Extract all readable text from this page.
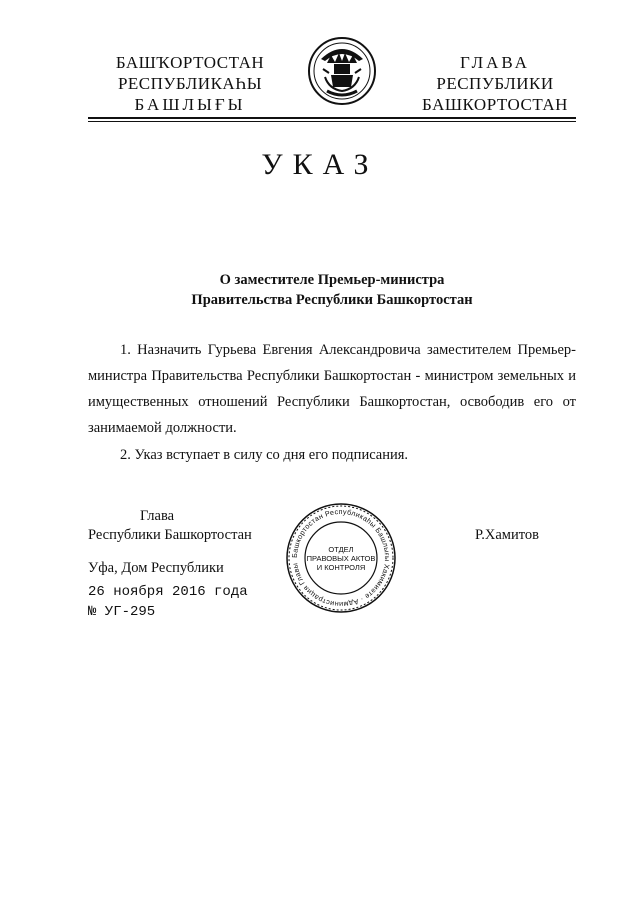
БАШҠОРТОСТАН
РЕСПУБЛИКАҺЫ
БАШЛЫҒЫ
ГЛАВА
РЕСПУБЛИКИ
БАШКОРТОСТАН
УКАЗ
О заместителе Премьер-министра
Правительства Республики Башкортостан
1. Назначить Гурьева Евгения Александровича заместителем Премьер-министра Правительства Республики Башкортостан - министром земельных и имущественных отношений Республики Башкортостан, освободив его от занимаемой должности.
2. Указ вступает в силу со дня его подписания.
Глава
Республики Башкортостан	Р.Хамитов
Уфа, Дом Республики
26 ноября 2016 года
№ УГ-295
Башкортостан Республикаһы Башлығы Хакимиәте · Администрация Главы
ОТДЕЛ
ПРАВОВЫХ АКТОВ
И КОНТРОЛЯ
